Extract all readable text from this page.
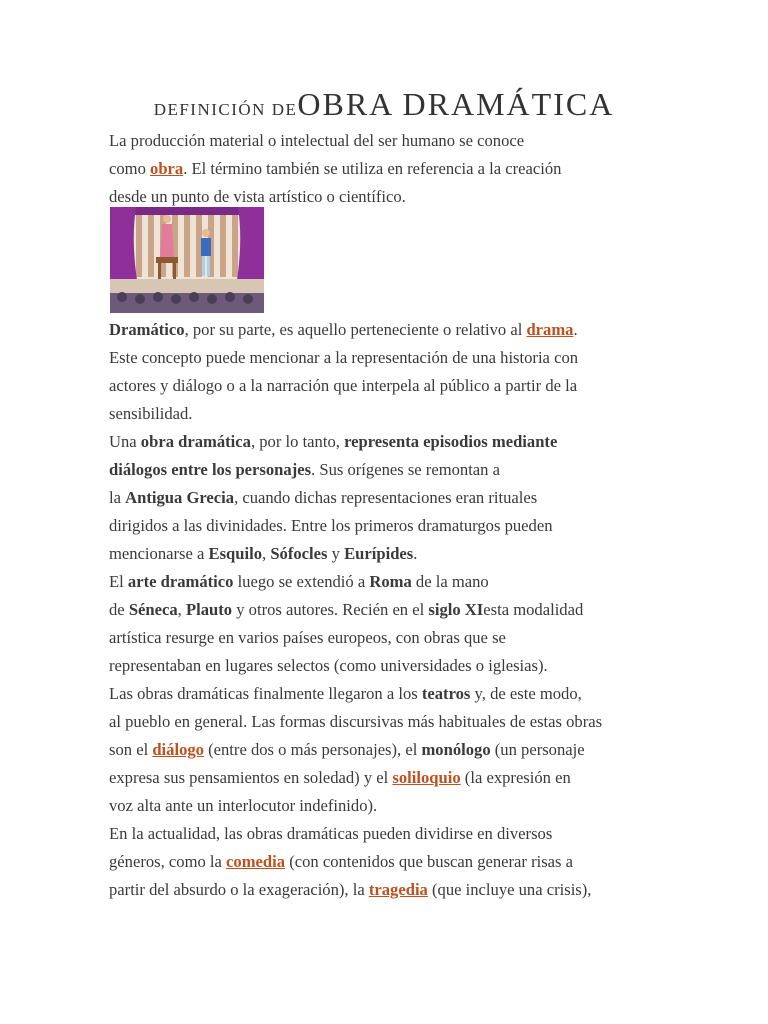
DEFINICIÓN DEOBRA DRAMÁTICA
La producción material o intelectual del ser humano se conoce
como obra. El término también se utiliza en referencia a la creación
desde un punto de vista artístico o científico.
Dramático, por su parte, es aquello perteneciente o relativo al drama.
Este concepto puede mencionar a la representación de una historia con
actores y diálogo o a la narración que interpela al público a partir de la
sensibilidad.
Una obra dramática, por lo tanto, representa episodios mediante
diálogos entre los personajes. Sus orígenes se remontan a
la Antigua Grecia, cuando dichas representaciones eran rituales
dirigidos a las divinidades. Entre los primeros dramaturgos pueden
mencionarse a Esquilo, Sófocles y Eurípides.
El arte dramático luego se extendió a Roma de la mano
de Séneca, Plauto y otros autores. Recién en el siglo XIesta modalidad
artística resurge en varios países europeos, con obras que se
representaban en lugares selectos (como universidades o iglesias).
Las obras dramáticas finalmente llegaron a los teatros y, de este modo,
al pueblo en general. Las formas discursivas más habituales de estas obras
son el diálogo (entre dos o más personajes), el monólogo (un personaje
expresa sus pensamientos en soledad) y el soliloquio (la expresión en
voz alta ante un interlocutor indefinido).
En la actualidad, las obras dramáticas pueden dividirse en diversos
géneros, como la comedia (con contenidos que buscan generar risas a
partir del absurdo o la exageración), la tragedia (que incluye una crisis),
